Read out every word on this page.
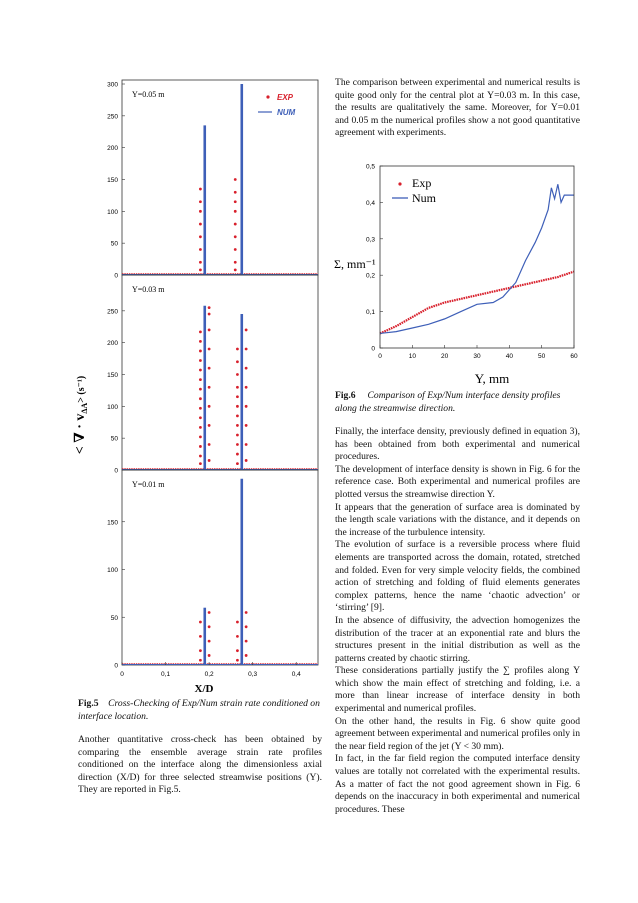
0
50
100
150
200
250
300
Y=0.05 m
0
50
100
150
200
250
Y=0.03 m
0
50
100
150
Y=0.01 m
< ∇ · $v_{\Delta A}^{> (s^{-1})}$
0	0,1	0,2	0,3	0,4
X/D
EXP
NUM
Fig.5 Cross-Checking of Exp/Num strain rate conditioned on interface location.

Another quantitative cross-check has been obtained by comparing the ensemble average strain rate profiles conditioned on the interface along the dimensionless axial direction (X/D) for three selected streamwise positions (Y). They are reported in Fig.5.

The comparison between experimental and numerical results is quite good only for the central plot at Y=0.03 m. In this case, the results are qualitatively the same. Moreover, for Y=0.01 and 0.05 m the numerical profiles show a not good quantitative agreement with experiments.

0
0,1
0,2
0,3
0,4
0,5
0	10	20	30	40	50	60
Exp
Num
Σ, mm⁻¹
Y, mm
Fig.6 Comparison of Exp/Num interface density profiles along the streamwise direction.

Finally, the interface density, previously defined in equation 3), has been obtained from both experimental and numerical procedures.

The development of interface density is shown in Fig. 6 for the reference case. Both experimental and numerical profiles are plotted versus the streamwise direction Y.

It appears that the generation of surface area is dominated by the length scale variations with the distance, and it depends on the increase of the turbulence intensity.

The evolution of surface is a reversible process where fluid elements are transported across the domain, rotated, stretched and folded. Even for very simple velocity fields, the combined action of stretching and folding of fluid elements generates complex patterns, hence the name ‘chaotic advection’ or ‘stirring’ [9].

In the absence of diffusivity, the advection homogenizes the distribution of the tracer at an exponential rate and blurs the structures present in the initial distribution as well as the patterns created by chaotic stirring.

These considerations partially justify the ∑ profiles along Y which show the main effect of stretching and folding, i.e. a more than linear increase of interface density in both experimental and numerical profiles.

On the other hand, the results in Fig. 6 show quite good agreement between experimental and numerical profiles only in the near field region of the jet (Y < 30 mm).

In fact, in the far field region the computed interface density values are totally not correlated with the experimental results. As a matter of fact the not good agreement shown in Fig. 6 depends on the inaccuracy in both experimental and numerical procedures. These
